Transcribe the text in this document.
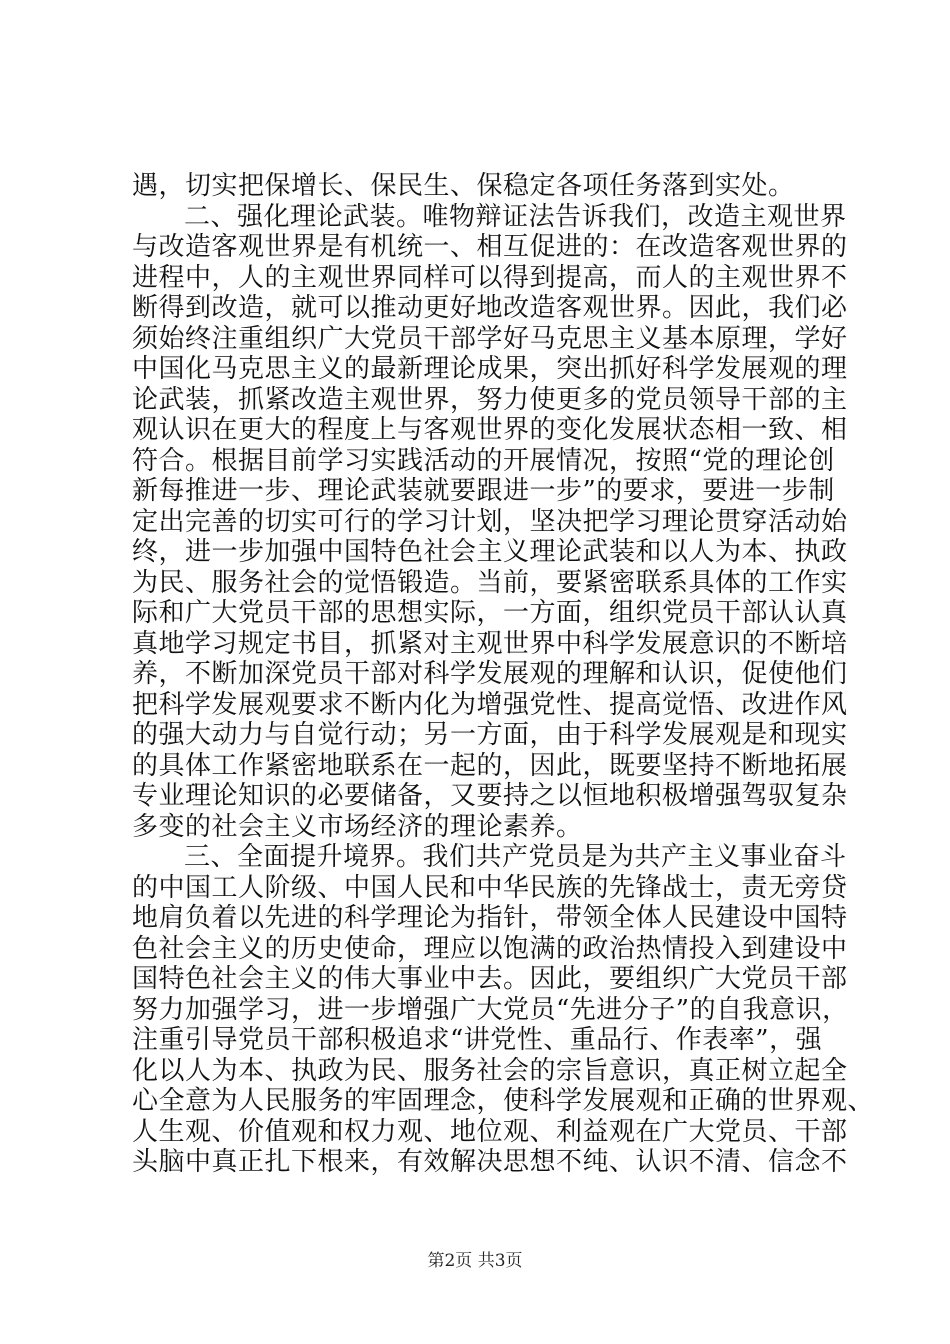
遇，切实把保增长、保民生、保稳定各项任务落到实处。
二、强化理论武装。唯物辩证法告诉我们，改造主观世界
与改造客观世界是有机统一、相互促进的：在改造客观世界的
进程中，人的主观世界同样可以得到提高，而人的主观世界不
断得到改造，就可以推动更好地改造客观世界。因此，我们必
须始终注重组织广大党员干部学好马克思主义基本原理，学好
中国化马克思主义的最新理论成果，突出抓好科学发展观的理
论武装，抓紧改造主观世界，努力使更多的党员领导干部的主
观认识在更大的程度上与客观世界的变化发展状态相一致、相
符合。根据目前学习实践活动的开展情况，按照“党的理论创
新每推进一步、理论武装就要跟进一步”的要求，要进一步制
定出完善的切实可行的学习计划，坚决把学习理论贯穿活动始
终，进一步加强中国特色社会主义理论武装和以人为本、执政
为民、服务社会的觉悟锻造。当前，要紧密联系具体的工作实
际和广大党员干部的思想实际，一方面，组织党员干部认认真
真地学习规定书目，抓紧对主观世界中科学发展意识的不断培
养，不断加深党员干部对科学发展观的理解和认识，促使他们
把科学发展观要求不断内化为增强党性、提高觉悟、改进作风
的强大动力与自觉行动；另一方面，由于科学发展观是和现实
的具体工作紧密地联系在一起的，因此，既要坚持不断地拓展
专业理论知识的必要储备，又要持之以恒地积极增强驾驭复杂
多变的社会主义市场经济的理论素养。
三、全面提升境界。我们共产党员是为共产主义事业奋斗
的中国工人阶级、中国人民和中华民族的先锋战士，责无旁贷
地肩负着以先进的科学理论为指针，带领全体人民建设中国特
色社会主义的历史使命，理应以饱满的政治热情投入到建设中
国特色社会主义的伟大事业中去。因此，要组织广大党员干部
努力加强学习，进一步增强广大党员“先进分子”的自我意识，
注重引导党员干部积极追求“讲党性、重品行、作表率”，强
化以人为本、执政为民、服务社会的宗旨意识，真正树立起全
心全意为人民服务的牢固理念，使科学发展观和正确的世界观、
人生观、价值观和权力观、地位观、利益观在广大党员、干部
头脑中真正扎下根来，有效解决思想不纯、认识不清、信念不
第2页 共3页
